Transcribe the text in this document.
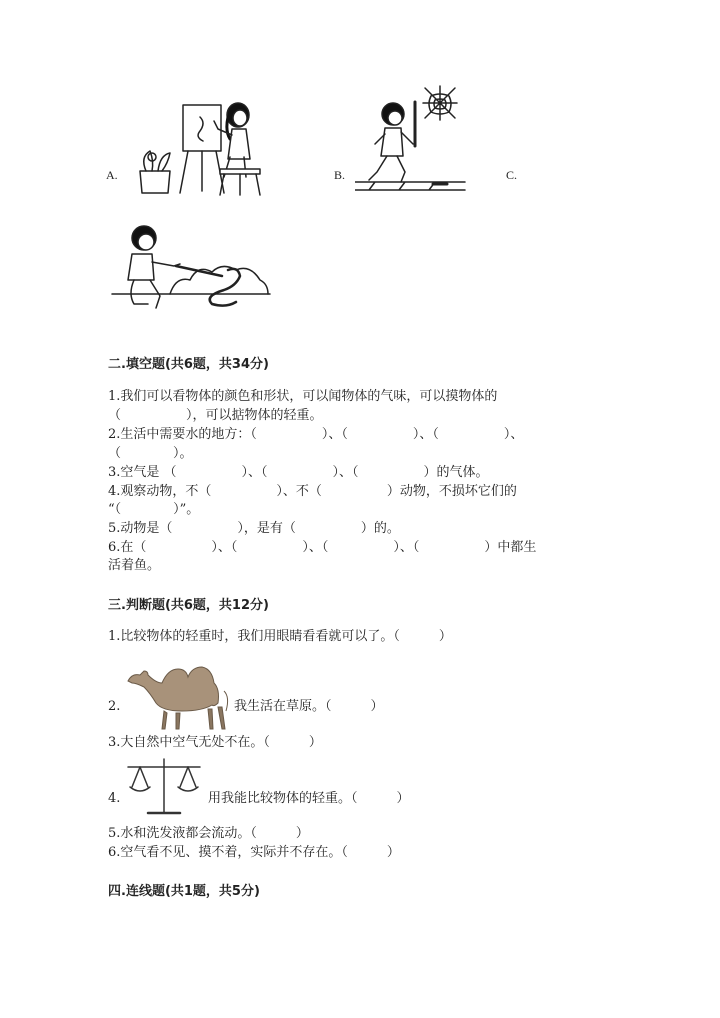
A.	B.	C.
二.填空题(共6题，共34分)
1.我们可以看物体的颜色和形状，可以闻物体的气味，可以摸物体的
（　　　　　），可以掂物体的轻重。
2.生活中需要水的地方：（　　　　　）、（　　　　　）、（　　　　　）、
（　　　　）。
3.空气是 （　　　　　）、（　　　　　）、（　　　　　）的气体。
4.观察动物，不（　　　　　）、不（　　　　　）动物，不损坏它们的
“（　　　　）”。
5.动物是（　　　　　），是有（　　　　　）的。
6.在（　　　　　）、（　　　　　）、（　　　　　）、（　　　　　）中都生
活着鱼。
三.判断题(共6题，共12分)
1.比较物体的轻重时，我们用眼睛看看就可以了。（　　　）
2.	我生活在草原。（　　　）
3.大自然中空气无处不在。（　　　）
4.	用我能比较物体的轻重。（　　　）
5.水和洗发液都会流动。（　　　）
6.空气看不见、摸不着，实际并不存在。（　　　）
四.连线题(共1题，共5分)
